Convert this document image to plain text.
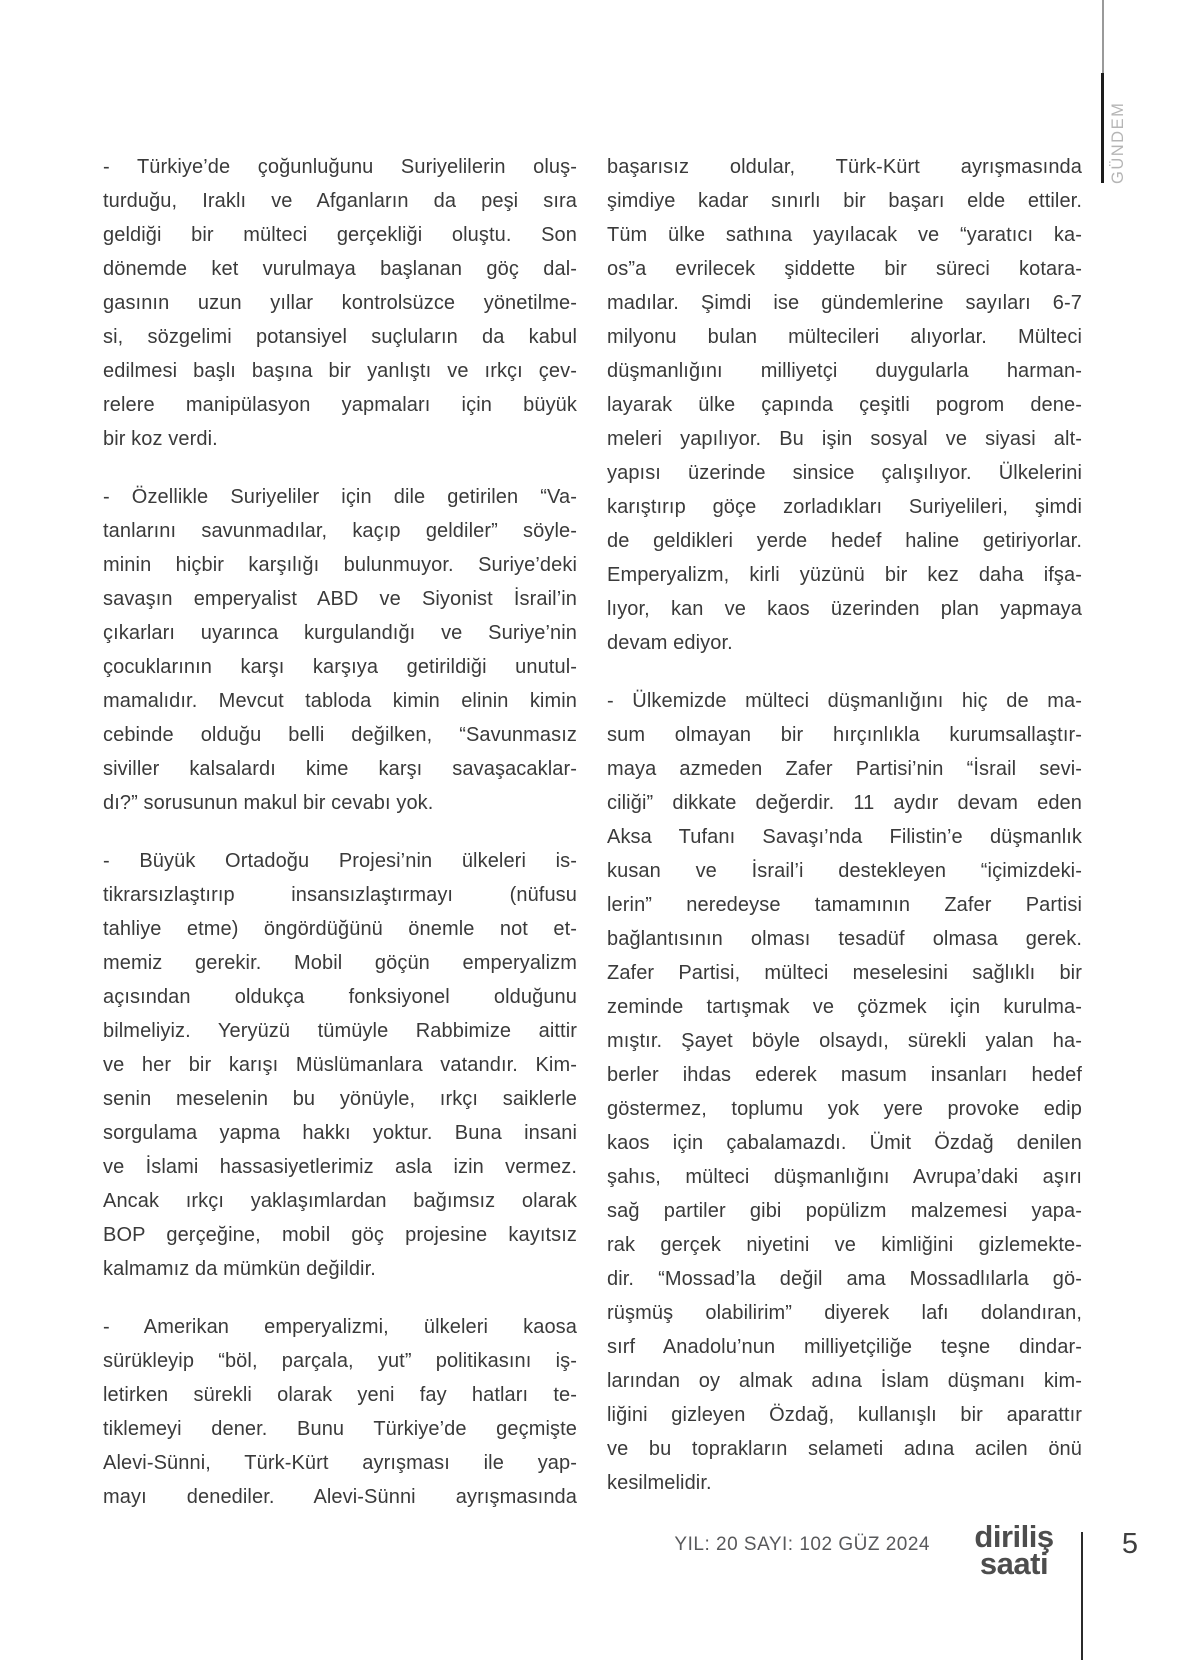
- Türkiye’de çoğunluğunu Suriyelilerin oluş-
turduğu, Iraklı ve Afganların da peşi sıra
geldiği bir mülteci gerçekliği oluştu. Son
dönemde ket vurulmaya başlanan göç dal-
gasının uzun yıllar kontrolsüzce yönetilme-
si, sözgelimi potansiyel suçluların da kabul
edilmesi başlı başına bir yanlıştı ve ırkçı çev-
relere manipülasyon yapmaları için büyük
bir koz verdi.
- Özellikle Suriyeliler için dile getirilen “Va-
tanlarını savunmadılar, kaçıp geldiler” söyle-
minin hiçbir karşılığı bulunmuyor. Suriye’deki
savaşın emperyalist ABD ve Siyonist İsrail’in
çıkarları uyarınca kurgulandığı ve Suriye’nin
çocuklarının karşı karşıya getirildiği unutul-
mamalıdır. Mevcut tabloda kimin elinin kimin
cebinde olduğu belli değilken, “Savunmasız
siviller kalsalardı kime karşı savaşacaklar-
dı?” sorusunun makul bir cevabı yok.
- Büyük Ortadoğu Projesi’nin ülkeleri is-
tikrarsızlaştırıp insansızlaştırmayı (nüfusu
tahliye etme) öngördüğünü önemle not et-
memiz gerekir. Mobil göçün emperyalizm
açısından oldukça fonksiyonel olduğunu
bilmeliyiz. Yeryüzü tümüyle Rabbimize aittir
ve her bir karışı Müslümanlara vatandır. Kim-
senin meselenin bu yönüyle, ırkçı saiklerle
sorgulama yapma hakkı yoktur. Buna insani
ve İslami hassasiyetlerimiz asla izin vermez.
Ancak ırkçı yaklaşımlardan bağımsız olarak
BOP gerçeğine, mobil göç projesine kayıtsız
kalmamız da mümkün değildir.
- Amerikan emperyalizmi, ülkeleri kaosa
sürükleyip “böl, parçala, yut” politikasını iş-
letirken sürekli olarak yeni fay hatları te-
tiklemeyi dener. Bunu Türkiye’de geçmişte
Alevi-Sünni, Türk-Kürt ayrışması ile yap-
mayı denediler. Alevi-Sünni ayrışmasında
başarısız oldular, Türk-Kürt ayrışmasında
şimdiye kadar sınırlı bir başarı elde ettiler.
Tüm ülke sathına yayılacak ve “yaratıcı ka-
os”a evrilecek şiddette bir süreci kotara-
madılar. Şimdi ise gündemlerine sayıları 6-7
milyonu bulan mültecileri alıyorlar. Mülteci
düşmanlığını milliyetçi duygularla harman-
layarak ülke çapında çeşitli pogrom dene-
meleri yapılıyor. Bu işin sosyal ve siyasi alt-
yapısı üzerinde sinsice çalışılıyor. Ülkelerini
karıştırıp göçe zorladıkları Suriyelileri, şimdi
de geldikleri yerde hedef haline getiriyorlar.
Emperyalizm, kirli yüzünü bir kez daha ifşa-
lıyor, kan ve kaos üzerinden plan yapmaya
devam ediyor.
- Ülkemizde mülteci düşmanlığını hiç de ma-
sum olmayan bir hırçınlıkla kurumsallaştır-
maya azmeden Zafer Partisi’nin “İsrail sevi-
ciliği” dikkate değerdir. 11 aydır devam eden
Aksa Tufanı Savaşı’nda Filistin’e düşmanlık
kusan ve İsrail’i destekleyen “içimizdeki-
lerin” neredeyse tamamının Zafer Partisi
bağlantısının olması tesadüf olmasa gerek.
Zafer Partisi, mülteci meselesini sağlıklı bir
zeminde tartışmak ve çözmek için kurulma-
mıştır. Şayet böyle olsaydı, sürekli yalan ha-
berler ihdas ederek masum insanları hedef
göstermez, toplumu yok yere provoke edip
kaos için çabalamazdı. Ümit Özdağ denilen
şahıs, mülteci düşmanlığını Avrupa’daki aşırı
sağ partiler gibi popülizm malzemesi yapa-
rak gerçek niyetini ve kimliğini gizlemekte-
dir. “Mossad’la değil ama Mossadlılarla gö-
rüşmüş olabilirim” diyerek lafı dolandıran,
sırf Anadolu’nun milliyetçiliğe teşne dindar-
larından oy almak adına İslam düşmanı kim-
liğini gizleyen Özdağ, kullanışlı bir aparattır
ve bu toprakların selameti adına acilen önü
kesilmelidir.
GÜNDEM
YIL: 20 SAYI: 102 GÜZ 2024	diriliş
saati
5
